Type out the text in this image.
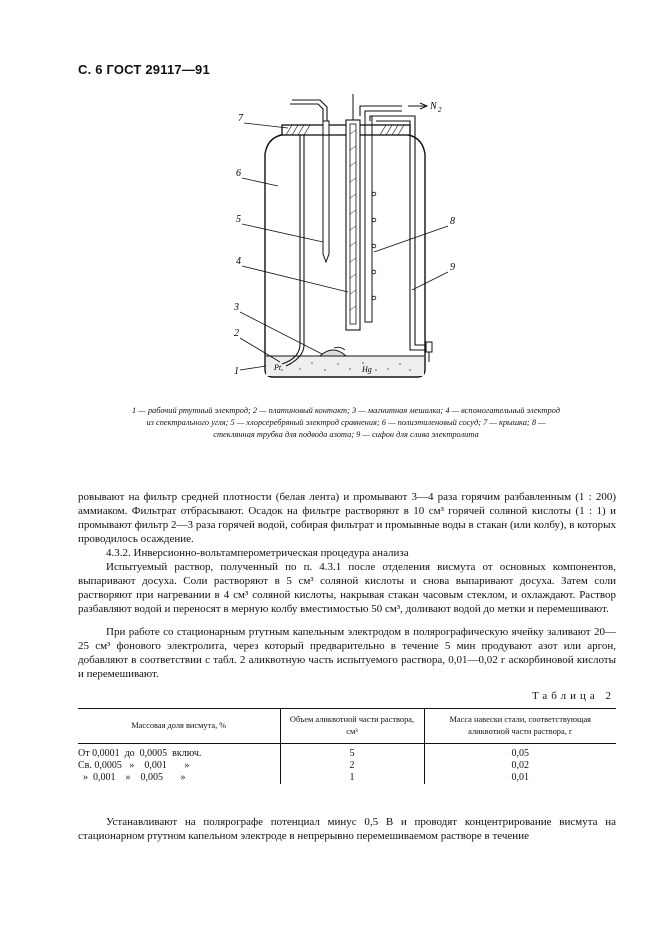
С. 6 ГОСТ 29117—91
7
6
5
4
3
2
1
8
9
N 2
Pt	Hg
1 — рабочий ртутный электрод; 2 — платиновый контакт; 3 — магнитная мешалка; 4 — вспомогательный электрод из спектрального угля; 5 — хлорсеребряный электрод сравнения; 6 — полиэтиленовый сосуд; 7 — крышка; 8 — стеклянная трубка для подвода азота; 9 — сифон для слива электролита

ровывают на фильтр средней плотности (белая лента) и промывают 3—4 раза горячим разбавленным (1 : 200) аммиаком. Фильтрат отбрасывают. Осадок на фильтре растворяют в 10 см³ горячей соляной кислоты (1 : 1) и промывают фильтр 2—3 раза горячей водой, собирая фильтрат и промывные воды в стакан (или колбу), в которых проводилось осаждение.

4.3.2. Инверсионно-вольтамперометрическая процедура анализа

Испытуемый раствор, полученный по п. 4.3.1 после отделения висмута от основных компонентов, выпаривают досуха. Соли растворяют в 5 см³ соляной кислоты и снова выпаривают досуха. Затем соли растворяют при нагревании в 4 см³ соляной кислоты, накрывая стакан часовым стеклом, и охлаждают. Раствор разбавляют водой и переносят в мерную колбу вместимостью 50 см³, доливают водой до метки и перемешивают.

При работе со стационарным ртутным капельным электродом в полярографическую ячейку заливают 20—25 см³ фонового электролита, через который предварительно в течение 5 мин продувают азот или аргон, добавляют в соответствии с табл. 2 аликвотную часть испытуемого раствора, 0,01—0,02 г аскорбиновой кислоты и перемешивают.

Таблица 2
Массовая доля висмута, %	Объем аликвотной части раствора, см³	Масса навески стали, соответствующая аликвотной части раствора, г
От 0,0001  до  0,0005  включ.	5	0,05
Св. 0,0005   »    0,001       »	2	0,02
»  0,001    »    0,005       »	1	0,01

Устанавливают на полярографе потенциал минус 0,5 В и проводят концентрирование висмута на стационарном ртутном капельном электроде в непрерывно перемешиваемом растворе в течение
